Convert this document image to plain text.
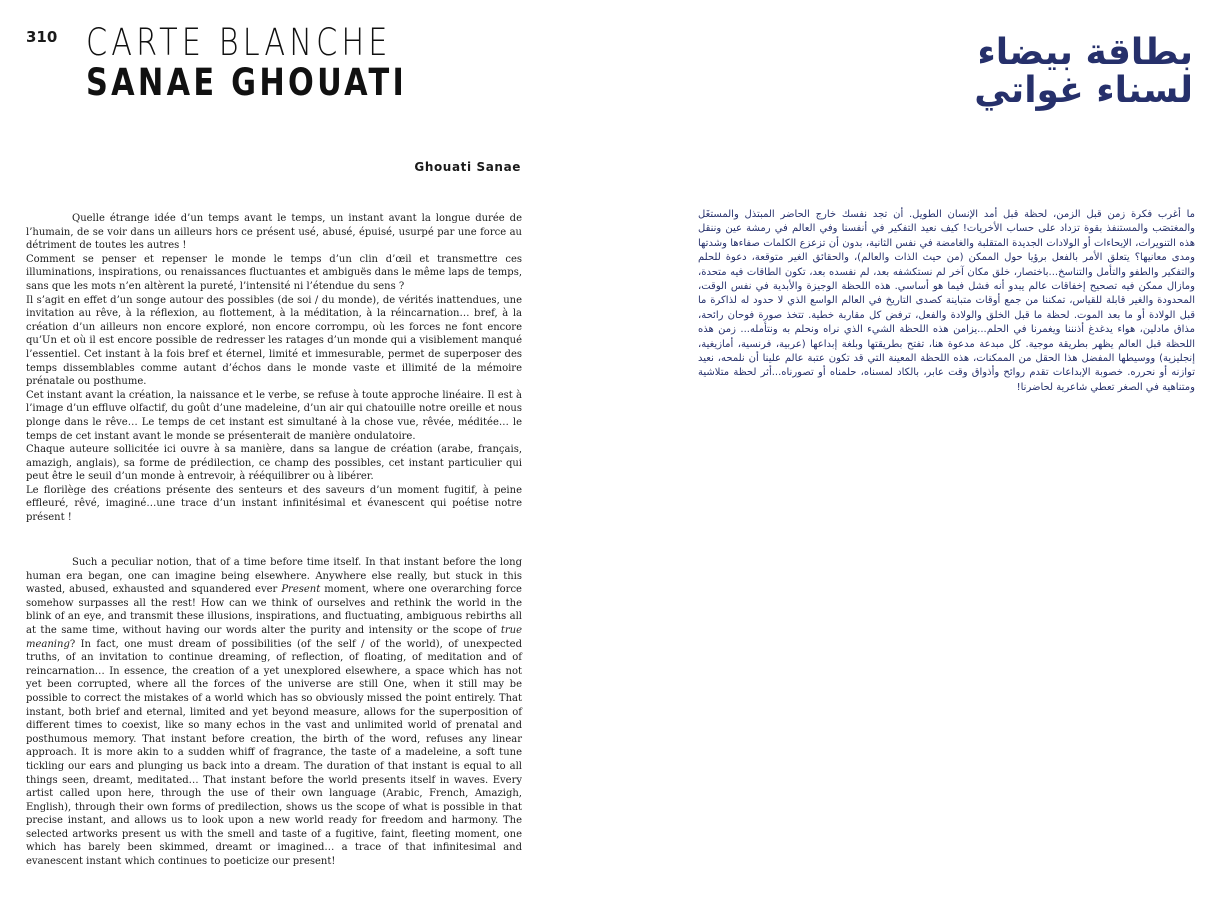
310 CARTE BLANCHE
SANAE GHOUATI
Ghouati Sanae

Quelle étrange idée d’un temps avant le temps, un instant avant la longue durée de l’humain, de se voir dans un ailleurs hors ce présent usé, abusé, épuisé, usurpé par une force au détriment de toutes les autres !

Comment se penser et repenser le monde le temps d’un clin d’œil et transmettre ces illuminations, inspirations, ou renaissances fluctuantes et ambiguës dans le même laps de temps, sans que les mots n’en altèrent la pureté, l’intensité ni l’étendue du sens ?

Il s’agit en effet d’un songe autour des possibles (de soi / du monde), de vérités inattendues, une invitation au rêve, à la réflexion, au flottement, à la méditation, à la réincarnation… bref, à la création d’un ailleurs non encore exploré, non encore corrompu, où les forces ne font encore qu’Un et où il est encore possible de redresser les ratages d’un monde qui a visiblement manqué l’essentiel. Cet instant à la fois bref et éternel, limité et immesurable, permet de superposer des temps dissemblables comme autant d’échos dans le monde vaste et illimité de la mémoire prénatale ou posthume.

Cet instant avant la création, la naissance et le verbe, se refuse à toute approche linéaire. Il est à l’image d’un effluve olfactif, du goût d’une madeleine, d’un air qui chatouille notre oreille et nous plonge dans le rêve… Le temps de cet instant est simultané à la chose vue, rêvée, méditée… le temps de cet instant avant le monde se présenterait de manière ondulatoire.

Chaque auteure sollicitée ici ouvre à sa manière, dans sa langue de création (arabe, français, amazigh, anglais), sa forme de prédilection, ce champ des possibles, cet instant particulier qui peut être le seuil d’un monde à entrevoir, à rééquilibrer ou à libérer.

Le florilège des créations présente des senteurs et des saveurs d’un moment fugitif, à peine effleuré, rêvé, imaginé…une trace d’un instant infinitésimal et évanescent qui poétise notre présent !

Such a peculiar notion, that of a time before time itself. In that instant before the long human era began, one can imagine being elsewhere. Anywhere else really, but stuck in this wasted, abused, exhausted and squandered ever Present moment, where one overarching force somehow surpasses all the rest! How can we think of ourselves and rethink the world in the blink of an eye, and transmit these illusions, inspirations, and fluctuating, ambiguous rebirths all at the same time, without having our words alter the purity and intensity or the scope of true meaning? In fact, one must dream of possibilities (of the self / of the world), of unexpected truths, of an invitation to continue dreaming, of reflection, of floating, of meditation and of reincarnation… In essence, the creation of a yet unexplored elsewhere, a space which has not yet been corrupted, where all the forces of the universe are still One, when it still may be possible to correct the mistakes of a world which has so obviously missed the point entirely. That instant, both brief and eternal, limited and yet beyond measure, allows for the superposition of different times to coexist, like so many echos in the vast and unlimited world of prenatal and posthumous memory. That instant before creation, the birth of the word, refuses any linear approach. It is more akin to a sudden whiff of fragrance, the taste of a madeleine, a soft tune tickling our ears and plunging us back into a dream. The duration of that instant is equal to all things seen, dreamt, meditated… That instant before the world presents itself in waves. Every artist called upon here, through the use of their own language (Arabic, French, Amazigh, English), through their own forms of predilection, shows us the scope of what is possible in that precise instant, and allows us to look upon a new world ready for freedom and harmony. The selected artworks present us with the smell and taste of a fugitive, faint, fleeting moment, one which has barely been skimmed, dreamt or imagined… a trace of that infinitesimal and evanescent instant which continues to poeticize our present!

بطاقة بيضاء
لسناء غواتي

ما أغرب فكرة زمن قبل الزمن، لحظة قبل أمد الإنسان الطويل. أن تجد نفسك خارج الحاضر المبتذل والمستغَل والمغتصَب والمستنفذ بقوة تزداد على حساب الأخريات! كيف نعيد التفكير في أنفسنا وفي العالم في رمشة عين وننقل هذه التنويرات، الإيحاءات أو الولادات الجديدة المتقلبة والغامضة في نفس الثانية، بدون أن تزعزع الكلمات صفاءها وشدتها ومدى معانيها؟ يتعلق الأمر بالفعل برؤيا حول الممكن (من حيث الذات والعالم)، والحقائق الغير متوقعة، دعوة للحلم والتفكير والطفو والتأمل والتناسخ...باختصار، خلق مكان آخر لم نستكشفه بعد، لم نفسده بعد، تكون الطاقات فيه متحدة، ومازال ممكن فيه تصحيح إخفاقات عالم يبدو أنه فشل فيما هو أساسي. هذه اللحظة الوجيزة والأبدية في نفس الوقت، المحدودة والغير قابلة للقياس، تمكننا من جمع أوقات متباينة كصدى التاريخ في العالم الواسع الذي لا حدود له لذاكرة ما قبل الولادة أو ما بعد الموت. لحظة ما قبل الخلق والولادة والفعل، ترفض كل مقاربة خطية. تتخذ صورة فوحان رائحة، مذاق مادلين، هواء يدغدغ أذنننا ويغمرنا في الحلم...يزامن هذه اللحظة الشيء الذي نراه ونحلم به ونتأمله... زمن هذه اللحظة قبل العالم يظهر بطريقة موجية. كل مبدعة مدعوة هنا، تفتح بطريقتها وبلغة إبداعها (عربية، فرنسية، أمازيغية، إنجليزية) ووسيطها المفضل هذا الحقل من الممكنات، هذه اللحظة المعينة التي قد تكون عتبة عالم علينا أن نلمحه، نعيد توازنه أو نحرره. خصوبة الإبداعات تقدم روائح وأذواق وقت عابر، بالكاد لمسناه، حلمناه أو تصورناه...أثر لحظة متلاشية ومتناهية في الصغر تعطي شاعرية لحاضرنا!
